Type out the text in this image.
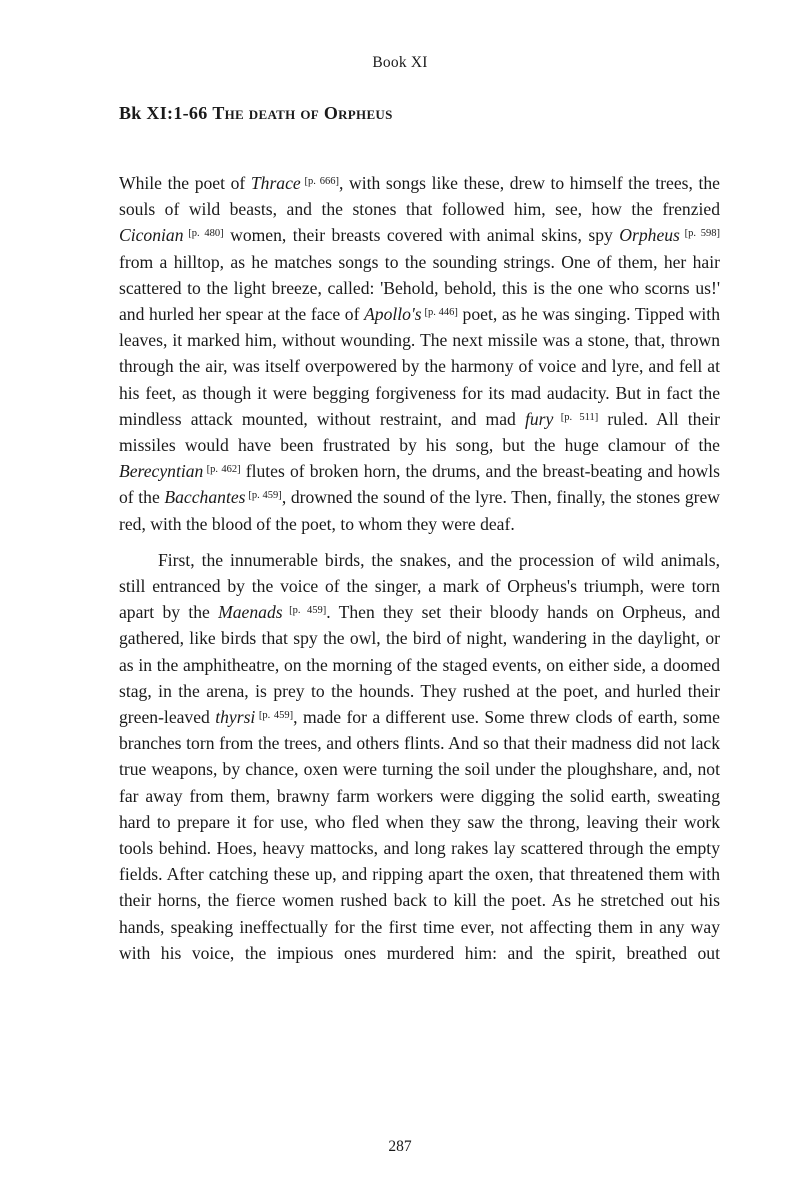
Book XI
Bk XI:1-66 The death of Orpheus

While the poet of Thrace [p. 666], with songs like these, drew to himself the trees, the souls of wild beasts, and the stones that followed him, see, how the frenzied Ciconian [p. 480] women, their breasts covered with animal skins, spy Orpheus [p. 598] from a hilltop, as he matches songs to the sounding strings. One of them, her hair scattered to the light breeze, called: 'Behold, behold, this is the one who scorns us!' and hurled her spear at the face of Apollo's [p. 446] poet, as he was singing. Tipped with leaves, it marked him, without wounding. The next missile was a stone, that, thrown through the air, was itself overpowered by the harmony of voice and lyre, and fell at his feet, as though it were begging forgiveness for its mad audacity. But in fact the mindless attack mounted, without restraint, and mad fury [p. 511] ruled. All their missiles would have been frustrated by his song, but the huge clamour of the Berecyntian [p. 462] flutes of broken horn, the drums, and the breast-beating and howls of the Bacchantes [p. 459], drowned the sound of the lyre. Then, finally, the stones grew red, with the blood of the poet, to whom they were deaf.

First, the innumerable birds, the snakes, and the procession of wild animals, still entranced by the voice of the singer, a mark of Orpheus's triumph, were torn apart by the Maenads [p. 459]. Then they set their bloody hands on Orpheus, and gathered, like birds that spy the owl, the bird of night, wandering in the daylight, or as in the amphitheatre, on the morning of the staged events, on either side, a doomed stag, in the arena, is prey to the hounds. They rushed at the poet, and hurled their green-leaved thyrsi [p. 459], made for a different use. Some threw clods of earth, some branches torn from the trees, and others flints. And so that their madness did not lack true weapons, by chance, oxen were turning the soil under the ploughshare, and, not far away from them, brawny farm workers were digging the solid earth, sweating hard to prepare it for use, who fled when they saw the throng, leaving their work tools behind. Hoes, heavy mattocks, and long rakes lay scattered through the empty fields. After catching these up, and ripping apart the oxen, that threatened them with their horns, the fierce women rushed back to kill the poet. As he stretched out his hands, speaking ineffectually for the first time ever, not affecting them in any way with his voice, the impious ones murdered him: and the spirit, breathed out

287
